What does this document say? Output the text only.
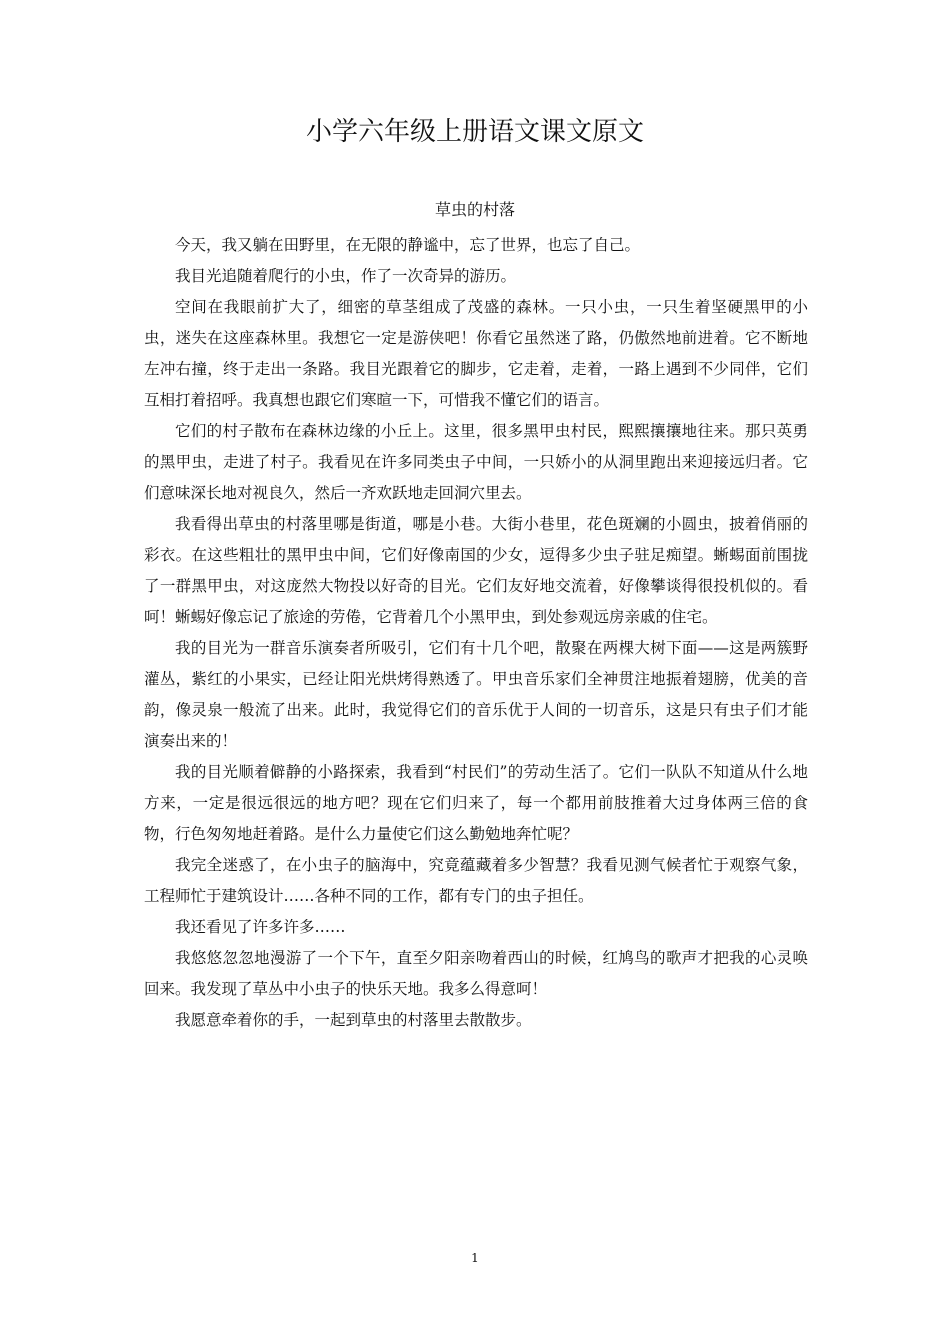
小学六年级上册语文课文原文
草虫的村落

今天，我又躺在田野里，在无限的静谧中，忘了世界，也忘了自己。

我目光追随着爬行的小虫，作了一次奇异的游历。

空间在我眼前扩大了，细密的草茎组成了茂盛的森林。一只小虫，一只生着坚硬黑甲的小虫，迷失在这座森林里。我想它一定是游侠吧！你看它虽然迷了路，仍傲然地前进着。它不断地左冲右撞，终于走出一条路。我目光跟着它的脚步，它走着，走着，一路上遇到不少同伴，它们互相打着招呼。我真想也跟它们寒暄一下，可惜我不懂它们的语言。

它们的村子散布在森林边缘的小丘上。这里，很多黑甲虫村民，熙熙攘攘地往来。那只英勇的黑甲虫，走进了村子。我看见在许多同类虫子中间，一只娇小的从洞里跑出来迎接远归者。它们意味深长地对视良久，然后一齐欢跃地走回洞穴里去。

我看得出草虫的村落里哪是街道，哪是小巷。大街小巷里，花色斑斓的小圆虫，披着俏丽的彩衣。在这些粗壮的黑甲虫中间，它们好像南国的少女，逗得多少虫子驻足痴望。蜥蜴面前围拢了一群黑甲虫，对这庞然大物投以好奇的目光。它们友好地交流着，好像攀谈得很投机似的。看呵！蜥蜴好像忘记了旅途的劳倦，它背着几个小黑甲虫，到处参观远房亲戚的住宅。

我的目光为一群音乐演奏者所吸引，它们有十几个吧，散聚在两棵大树下面——这是两簇野灌丛，紫红的小果实，已经让阳光烘烤得熟透了。甲虫音乐家们全神贯注地振着翅膀，优美的音韵，像灵泉一般流了出来。此时，我觉得它们的音乐优于人间的一切音乐，这是只有虫子们才能演奏出来的！

我的目光顺着僻静的小路探索，我看到“村民们”的劳动生活了。它们一队队不知道从什么地方来，一定是很远很远的地方吧？现在它们归来了，每一个都用前肢推着大过身体两三倍的食物，行色匆匆地赶着路。是什么力量使它们这么勤勉地奔忙呢？

我完全迷惑了，在小虫子的脑海中，究竟蕴藏着多少智慧？我看见测气候者忙于观察气象，工程师忙于建筑设计……各种不同的工作，都有专门的虫子担任。

我还看见了许多许多……

我悠悠忽忽地漫游了一个下午，直至夕阳亲吻着西山的时候，红鸠鸟的歌声才把我的心灵唤回来。我发现了草丛中小虫子的快乐天地。我多么得意呵！

我愿意牵着你的手，一起到草虫的村落里去散散步。

1
